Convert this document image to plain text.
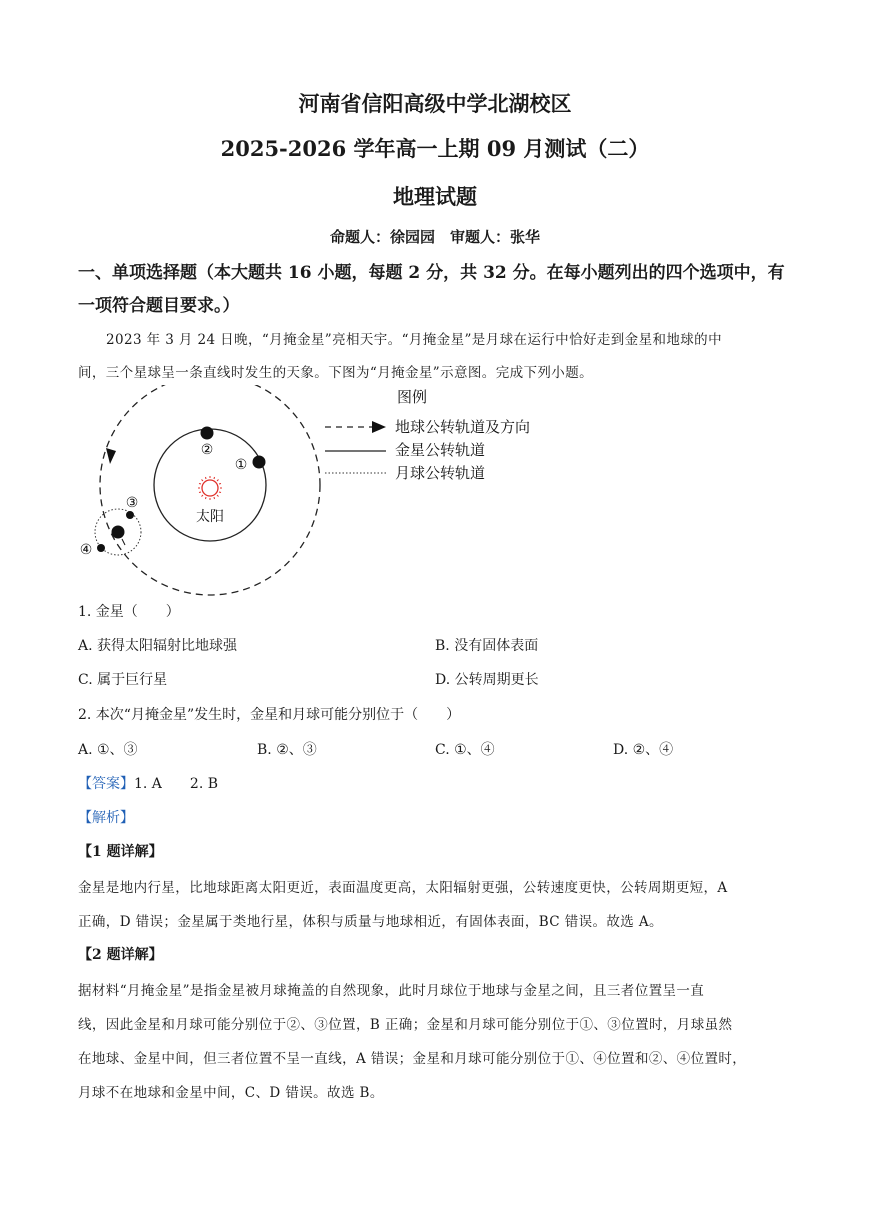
河南省信阳高级中学北湖校区
2025-2026 学年高一上期 09 月测试（二）
地理试题
命题人：徐园园　审题人：张华
一、单项选择题（本大题共 16 小题，每题 2 分，共 32 分。在每小题列出的四个选项中，有
一项符合题目要求。）
2023 年 3 月 24 日晚，“月掩金星”亮相天宇。“月掩金星”是月球在运行中恰好走到金星和地球的中
间，三个星球呈一条直线时发生的天象。下图为“月掩金星”示意图。完成下列小题。
太阳
②
①
③
④
图例
地球公转轨道及方向
金星公转轨道
月球公转轨道
1. 金星（　　）
A. 获得太阳辐射比地球强	B. 没有固体表面
C. 属于巨行星	D. 公转周期更长
2. 本次“月掩金星”发生时，金星和月球可能分别位于（　　）
A. ①、③	B. ②、③	C. ①、④	D. ②、④
【答案】1. A　　2. B
【解析】
【1 题详解】
金星是地内行星，比地球距离太阳更近，表面温度更高，太阳辐射更强，公转速度更快，公转周期更短，A
正确，D 错误；金星属于类地行星，体积与质量与地球相近，有固体表面，BC 错误。故选 A。
【2 题详解】
据材料“月掩金星”是指金星被月球掩盖的自然现象，此时月球位于地球与金星之间，且三者位置呈一直
线，因此金星和月球可能分别位于②、③位置，B 正确；金星和月球可能分别位于①、③位置时，月球虽然
在地球、金星中间，但三者位置不呈一直线，A 错误；金星和月球可能分别位于①、④位置和②、④位置时，
月球不在地球和金星中间，C、D 错误。故选 B。
